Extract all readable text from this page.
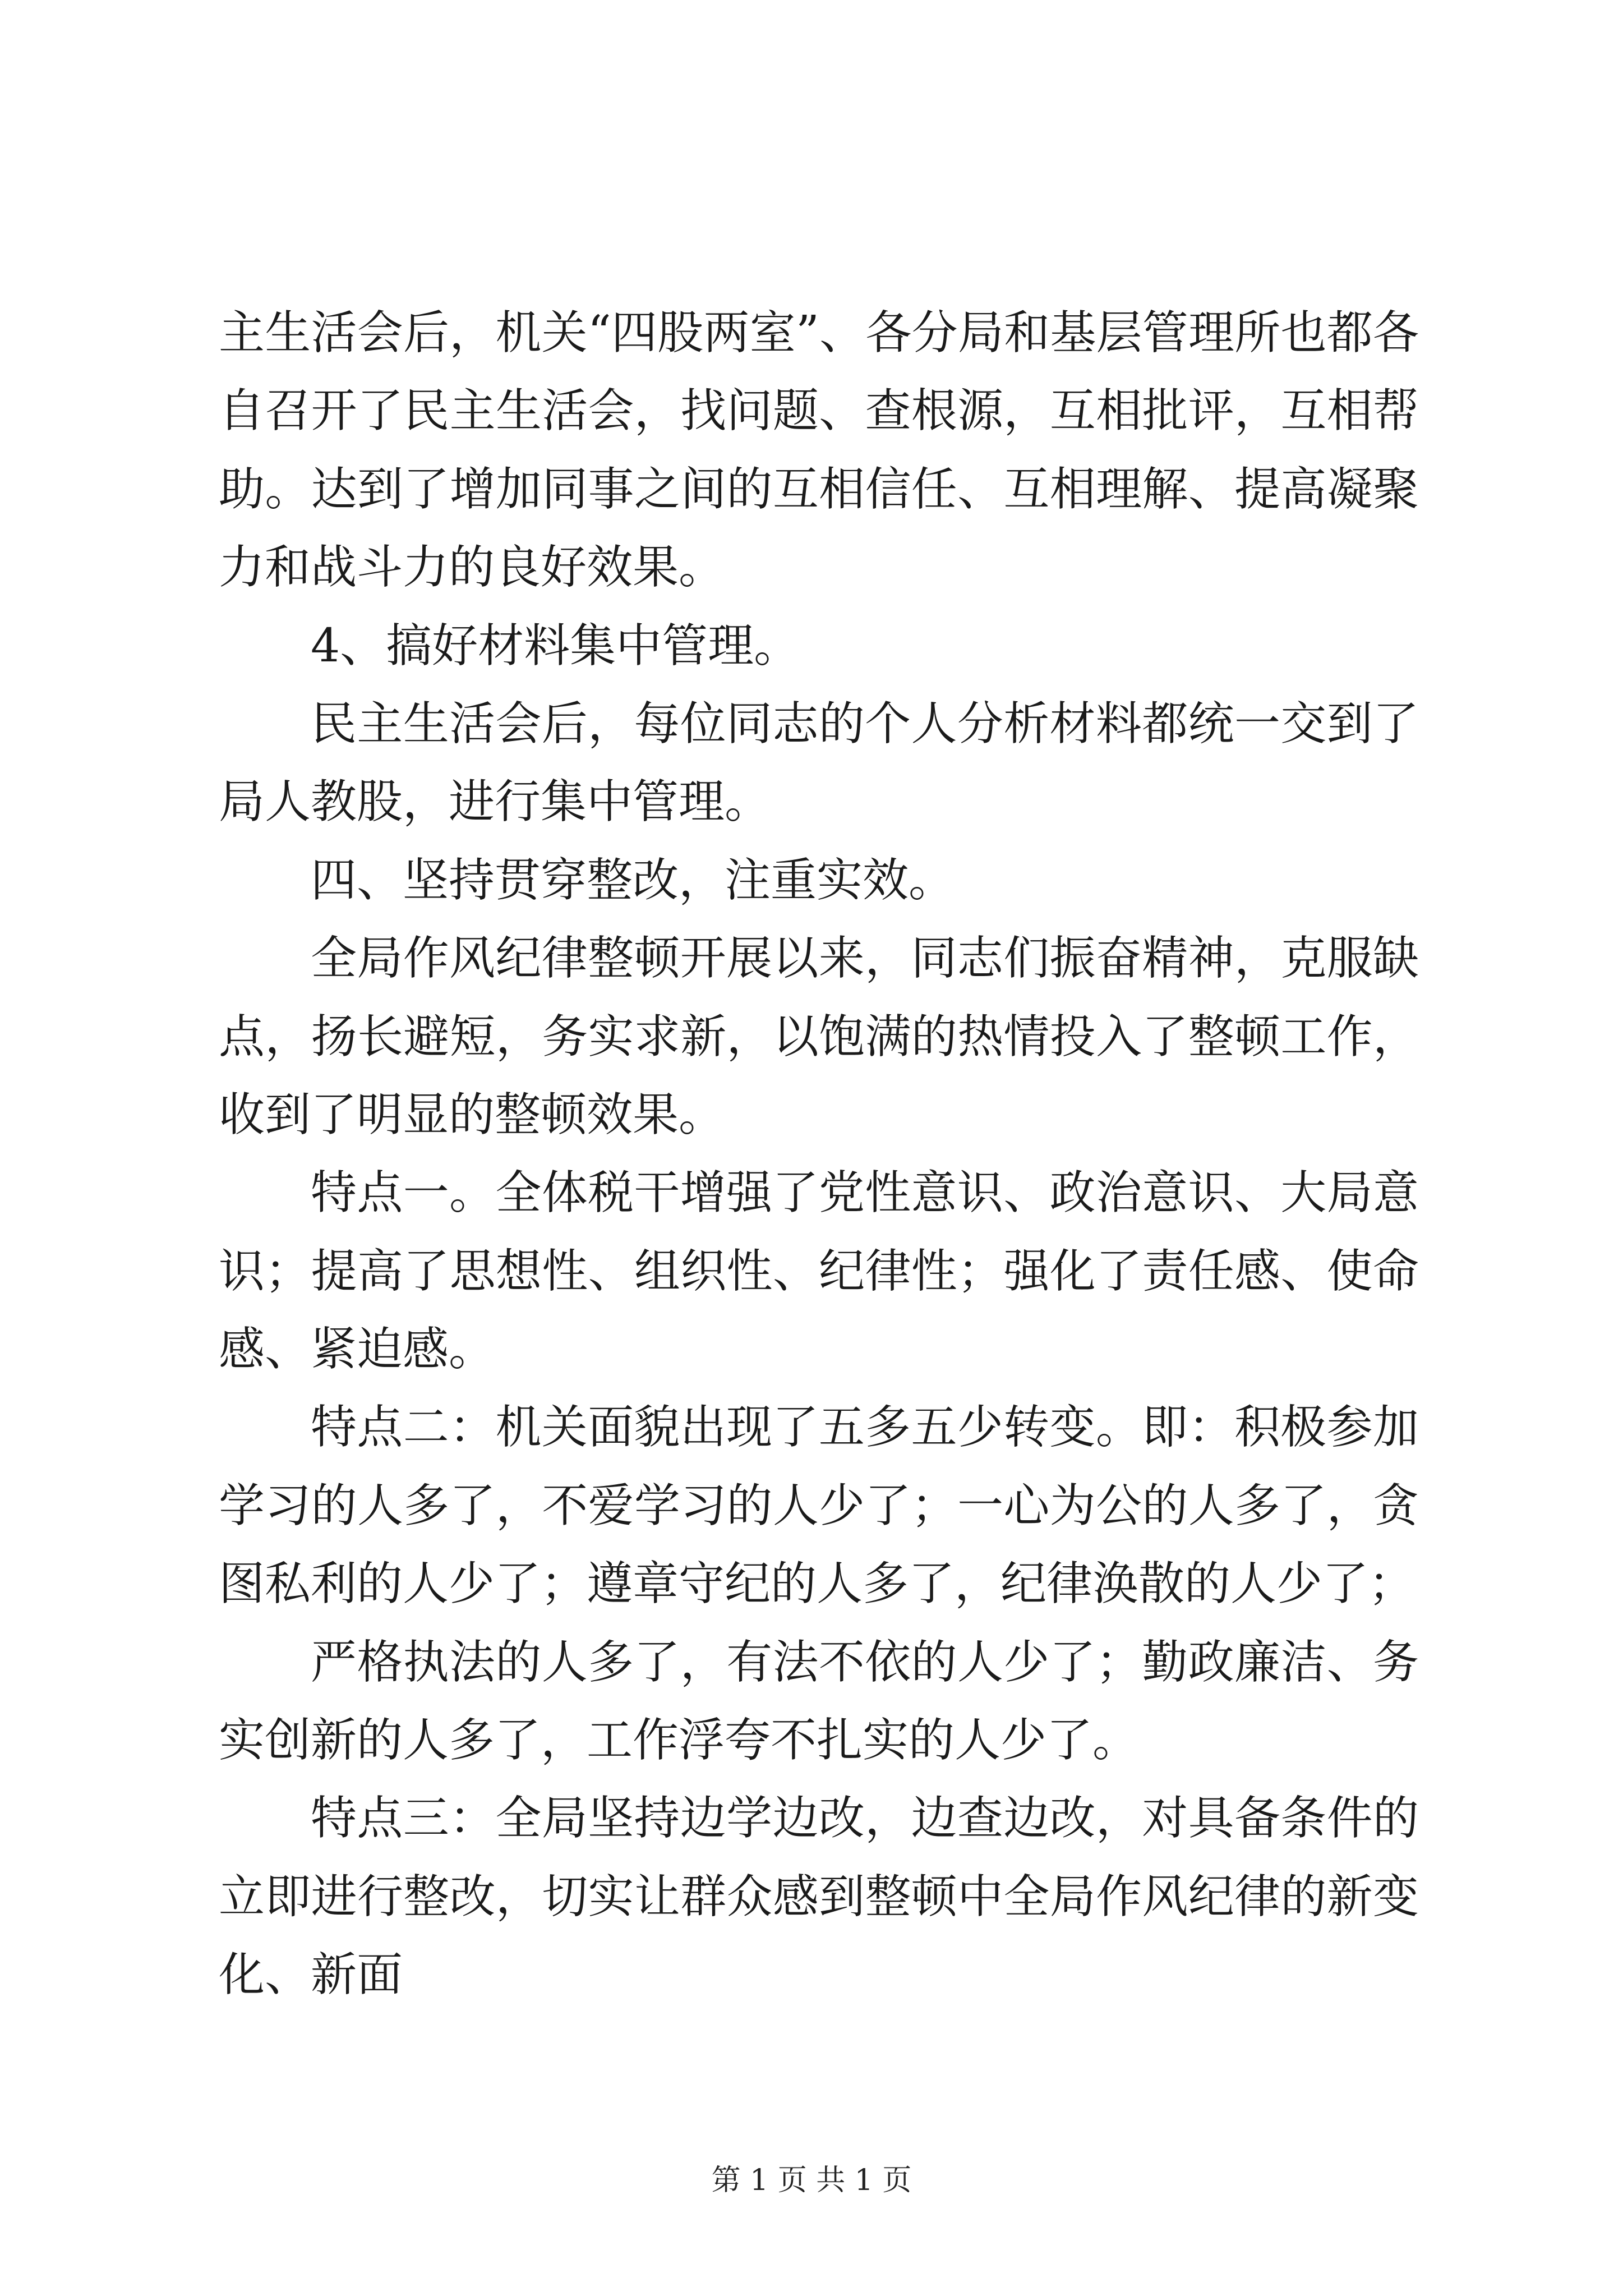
主生活会后，机关“四股两室”、各分局和基层管理所也都各自召开了民主生活会，找问题、查根源，互相批评，互相帮助。达到了增加同事之间的互相信任、互相理解、提高凝聚力和战斗力的良好效果。

4、搞好材料集中管理。

民主生活会后，每位同志的个人分析材料都统一交到了局人教股，进行集中管理。

四、坚持贯穿整改，注重实效。

全局作风纪律整顿开展以来，同志们振奋精神，克服缺点，扬长避短，务实求新，以饱满的热情投入了整顿工作，收到了明显的整顿效果。

特点一。全体税干增强了党性意识、政治意识、大局意识；提高了思想性、组织性、纪律性；强化了责任感、使命感、紧迫感。

特点二：机关面貌出现了五多五少转变。即：积极参加学习的人多了，不爱学习的人少了；一心为公的人多了，贪图私利的人少了；遵章守纪的人多了，纪律涣散的人少了；

严格执法的人多了，有法不依的人少了；勤政廉洁、务实创新的人多了，工作浮夸不扎实的人少了。

特点三：全局坚持边学边改，边查边改，对具备条件的立即进行整改，切实让群众感到整顿中全局作风纪律的新变化、新面

第 1 页 共 1 页
